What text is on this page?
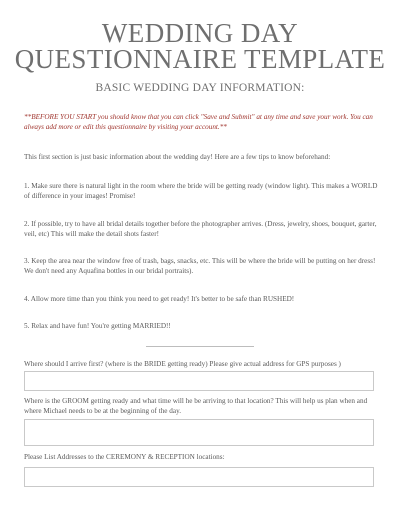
WEDDING DAY
QUESTIONNAIRE TEMPLATE
BASIC WEDDING DAY INFORMATION:
**BEFORE YOU START you should know that you can click "Save and Submit" at any time and save your work. You can always add more or edit this questionnaire by visiting your account.**
This first section is just basic information about the wedding day! Here are a few tips to know beforehand:
1. Make sure there is natural light in the room where the bride will be getting ready (window light). This makes a WORLD of difference in your images! Promise!
2. If possible, try to have all bridal details together before the photographer arrives. (Dress, jewelry, shoes, bouquet, garter, veil, etc) This will make the detail shots faster!
3. Keep the area near the window free of trash, bags, snacks, etc. This will be where the bride will be putting on her dress! We don't need any Aquafina bottles in our bridal portraits).
4. Allow more time than you think you need to get ready! It's better to be safe than RUSHED!
5. Relax and have fun! You're getting MARRIED!!
Where should I arrive first? (where is the BRIDE getting ready) Please give actual address for GPS purposes )
Where is the GROOM getting ready and what time will he be arriving to that location? This will help us plan when and where Michael needs to be at the beginning of the day.
Please List Addresses to the CEREMONY & RECEPTION locations:
